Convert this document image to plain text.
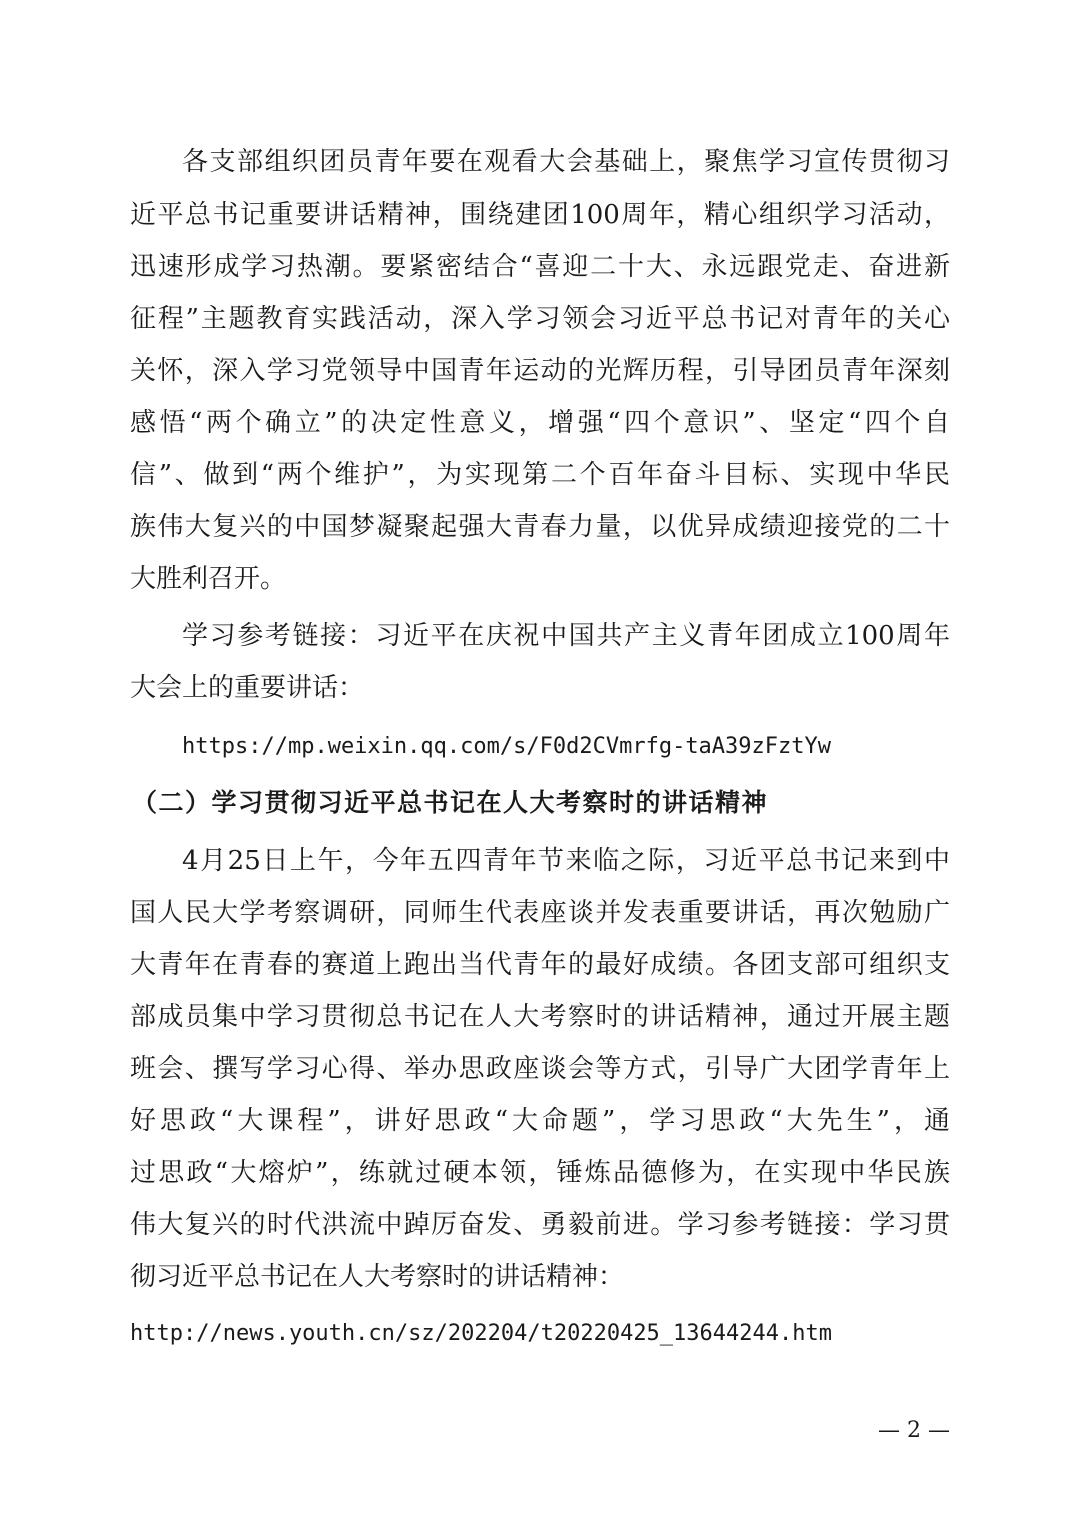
各支部组织团员青年要在观看大会基础上，聚焦学习宣传贯彻习
近平总书记重要讲话精神，围绕建团100周年，精心组织学习活动，
迅速形成学习热潮。要紧密结合“喜迎二十大、永远跟党走、奋进新
征程”主题教育实践活动，深入学习领会习近平总书记对青年的关心
关怀，深入学习党领导中国青年运动的光辉历程，引导团员青年深刻
感悟“两个确立”的决定性意义，增强“四个意识”、坚定“四个自
信”、做到“两个维护”，为实现第二个百年奋斗目标、实现中华民
族伟大复兴的中国梦凝聚起强大青春力量，以优异成绩迎接党的二十
大胜利召开。
学习参考链接：习近平在庆祝中国共产主义青年团成立100周年
大会上的重要讲话：
https://mp.weixin.qq.com/s/F0d2CVmrfg-taA39zFztYw
（二）学习贯彻习近平总书记在人大考察时的讲话精神
4月25日上午，今年五四青年节来临之际，习近平总书记来到中
国人民大学考察调研，同师生代表座谈并发表重要讲话，再次勉励广
大青年在青春的赛道上跑出当代青年的最好成绩。各团支部可组织支
部成员集中学习贯彻总书记在人大考察时的讲话精神，通过开展主题
班会、撰写学习心得、举办思政座谈会等方式，引导广大团学青年上
好思政“大课程”，讲好思政“大命题”，学习思政“大先生”，通
过思政“大熔炉”，练就过硬本领，锤炼品德修为，在实现中华民族
伟大复兴的时代洪流中踔厉奋发、勇毅前进。学习参考链接：学习贯
彻习近平总书记在人大考察时的讲话精神：
http://news.youth.cn/sz/202204/t20220425_13644244.htm
— 2 —
